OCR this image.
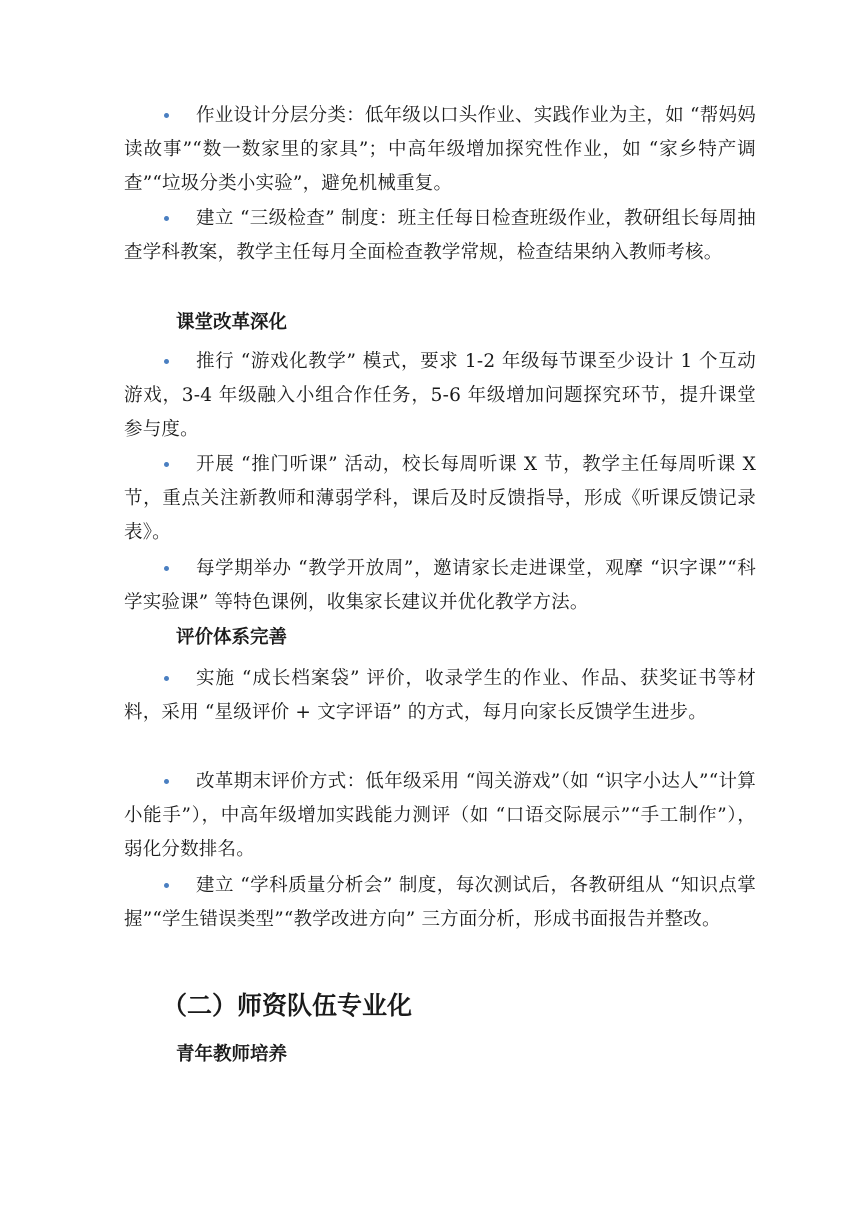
作业设计分层分类：低年级以口头作业、实践作业为主，如 “帮妈妈读故事”“数一数家里的家具”；中高年级增加探究性作业，如 “家乡特产调查”“垃圾分类小实验”，避免机械重复。
建立 “三级检查” 制度：班主任每日检查班级作业，教研组长每周抽查学科教案，教学主任每月全面检查教学常规，检查结果纳入教师考核。
课堂改革深化
推行 “游戏化教学” 模式，要求 1-2 年级每节课至少设计 1 个互动游戏，3-4 年级融入小组合作任务，5-6 年级增加问题探究环节，提升课堂参与度。
开展 “推门听课” 活动，校长每周听课 X 节，教学主任每周听课 X 节，重点关注新教师和薄弱学科，课后及时反馈指导，形成《听课反馈记录表》。
每学期举办 “教学开放周”，邀请家长走进课堂，观摩 “识字课”“科学实验课” 等特色课例，收集家长建议并优化教学方法。
评价体系完善
实施 “成长档案袋” 评价，收录学生的作业、作品、获奖证书等材料，采用 “星级评价 + 文字评语” 的方式，每月向家长反馈学生进步。
改革期末评价方式：低年级采用 “闯关游戏”（如 “识字小达人”“计算小能手”），中高年级增加实践能力测评（如 “口语交际展示”“手工制作”），弱化分数排名。
建立 “学科质量分析会” 制度，每次测试后，各教研组从 “知识点掌握”“学生错误类型”“教学改进方向” 三方面分析，形成书面报告并整改。
（二）师资队伍专业化
青年教师培养
